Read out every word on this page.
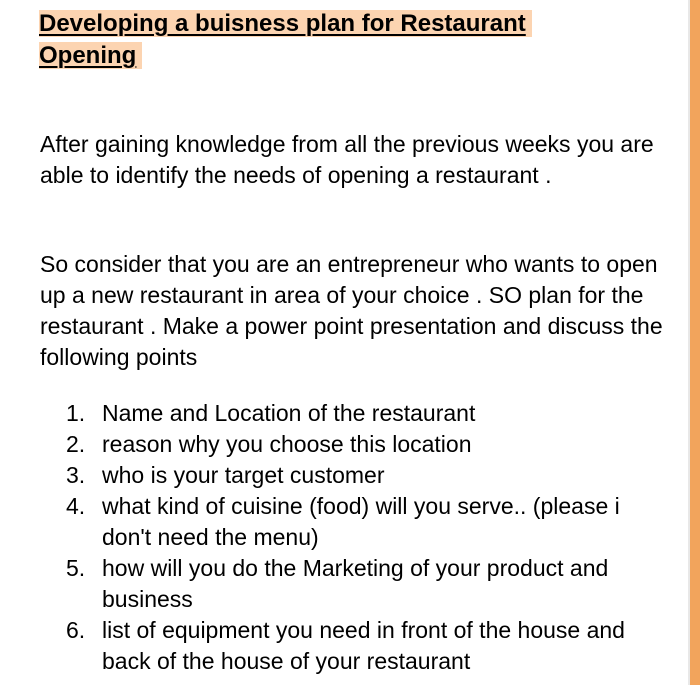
Developing a buisness plan for Restaurant Opening

After gaining knowledge from all the previous weeks you are able to identify the needs of opening a restaurant .

So consider that you are an entrepreneur who wants to open up a new restaurant in area of your choice . SO plan for the restaurant . Make a power point presentation and discuss the following points

1. Name and Location of the restaurant
2. reason why you choose this location
3. who is your target customer
4. what kind of cuisine (food) will you serve.. (please i don't need the menu)
5. how will you do the Marketing of your product and business
6. list of equipment you need in front of the house and back of the house of your restaurant
